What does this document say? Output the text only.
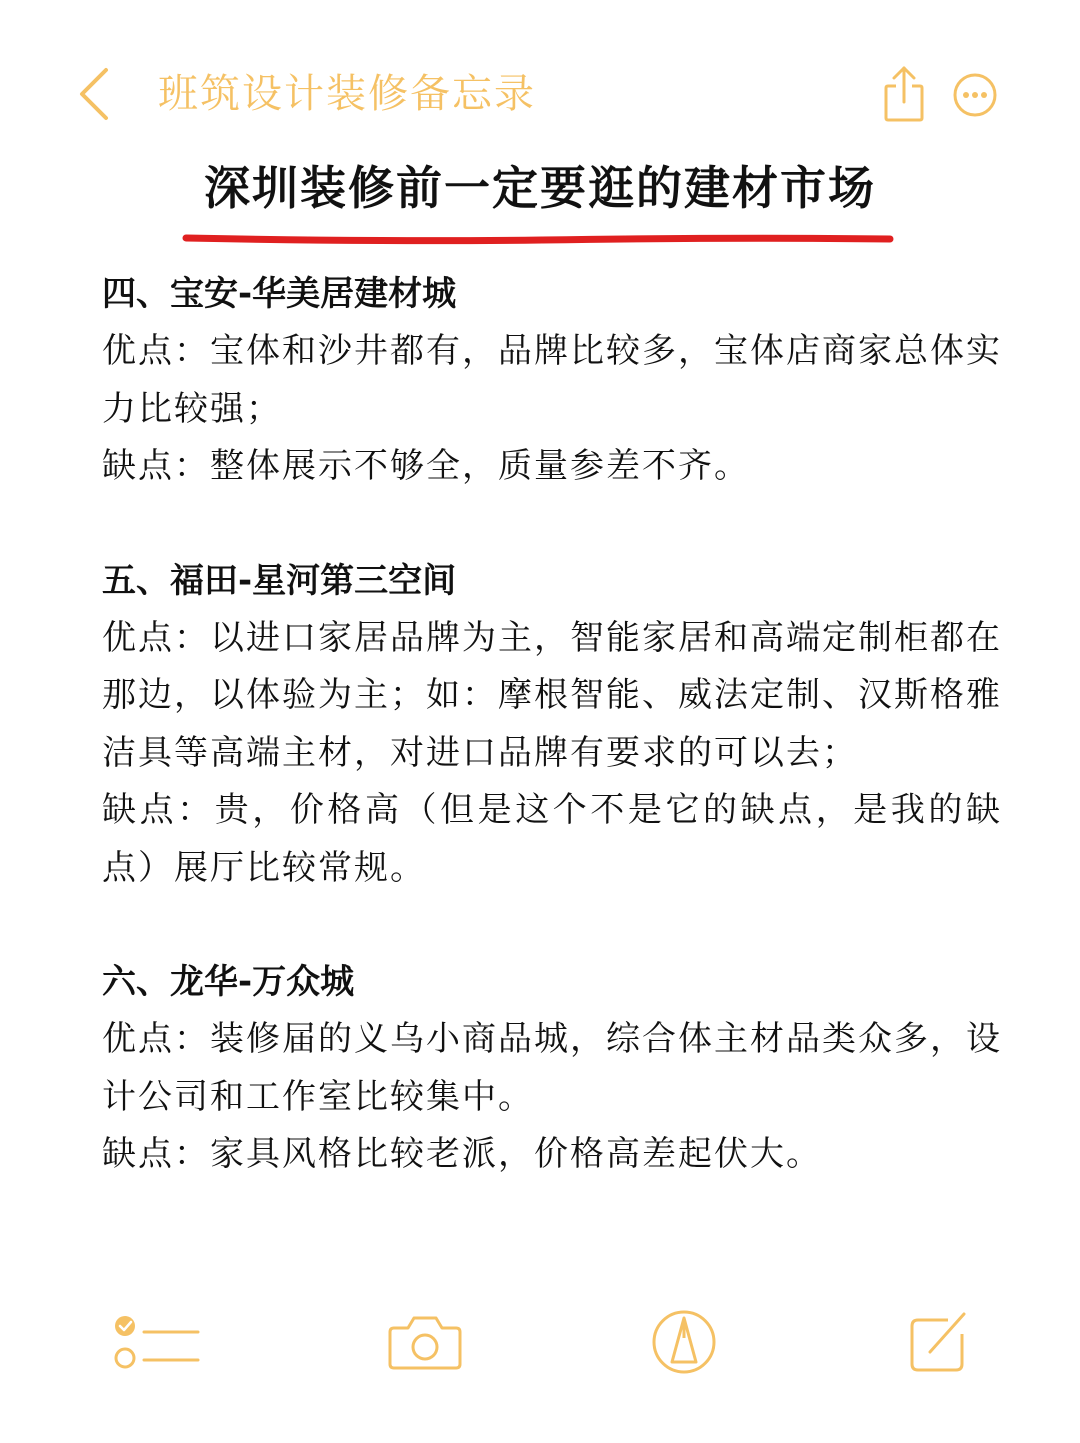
班筑设计装修备忘录
深圳装修前一定要逛的建材市场
四、宝安-华美居建材城

优点：宝体和沙井都有，品牌比较多，宝体店商家总体实力比较强；

缺点：整体展示不够全，质量参差不齐。

五、福田-星河第三空间

优点：以进口家居品牌为主，智能家居和高端定制柜都在那边，以体验为主；如：摩根智能、威法定制、汉斯格雅洁具等高端主材，对进口品牌有要求的可以去；

缺点：贵，价格高（但是这个不是它的缺点，是我的缺点）展厅比较常规。

六、龙华-万众城

优点：装修届的义乌小商品城，综合体主材品类众多，设计公司和工作室比较集中。

缺点：家具风格比较老派，价格高差起伏大。
